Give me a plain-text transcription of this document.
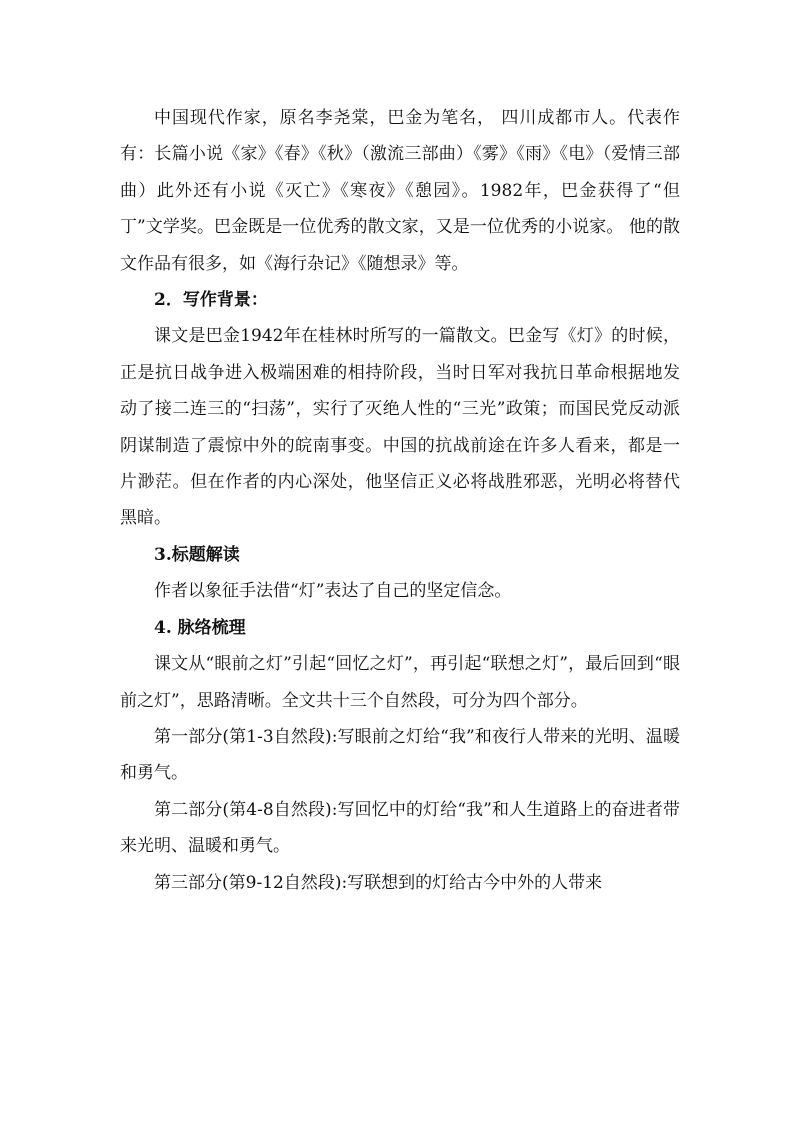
中国现代作家，原名李尧棠，巴金为笔名， 四川成都市人。代表作有：长篇小说《家》《春》《秋》（激流三部曲）《雾》《雨》《电》（爱情三部曲）此外还有小说《灭亡》《寒夜》《憩园》。1982年，巴金获得了“但丁”文学奖。巴金既是一位优秀的散文家，又是一位优秀的小说家。 他的散文作品有很多，如《海行杂记》《随想录》等。

2．写作背景：

课文是巴金1942年在桂林时所写的一篇散文。巴金写《灯》的时候，正是抗日战争进入极端困难的相持阶段，当时日军对我抗日革命根据地发动了接二连三的“扫荡”，实行了灭绝人性的“三光”政策；而国民党反动派阴谋制造了震惊中外的皖南事变。中国的抗战前途在许多人看来，都是一片渺茫。但在作者的内心深处，他坚信正义必将战胜邪恶，光明必将替代黑暗。

3.标题解读

作者以象征手法借“灯”表达了自己的坚定信念。

4. 脉络梳理

课文从“眼前之灯”引起“回忆之灯”，再引起“联想之灯”，最后回到“眼前之灯”，思路清晰。全文共十三个自然段，可分为四个部分。

第一部分(第1-3自然段):写眼前之灯给“我”和夜行人带来的光明、温暖和勇气。

第二部分(第4-8自然段):写回忆中的灯给“我”和人生道路上的奋进者带来光明、温暖和勇气。

第三部分(第9-12自然段):写联想到的灯给古今中外的人带来
